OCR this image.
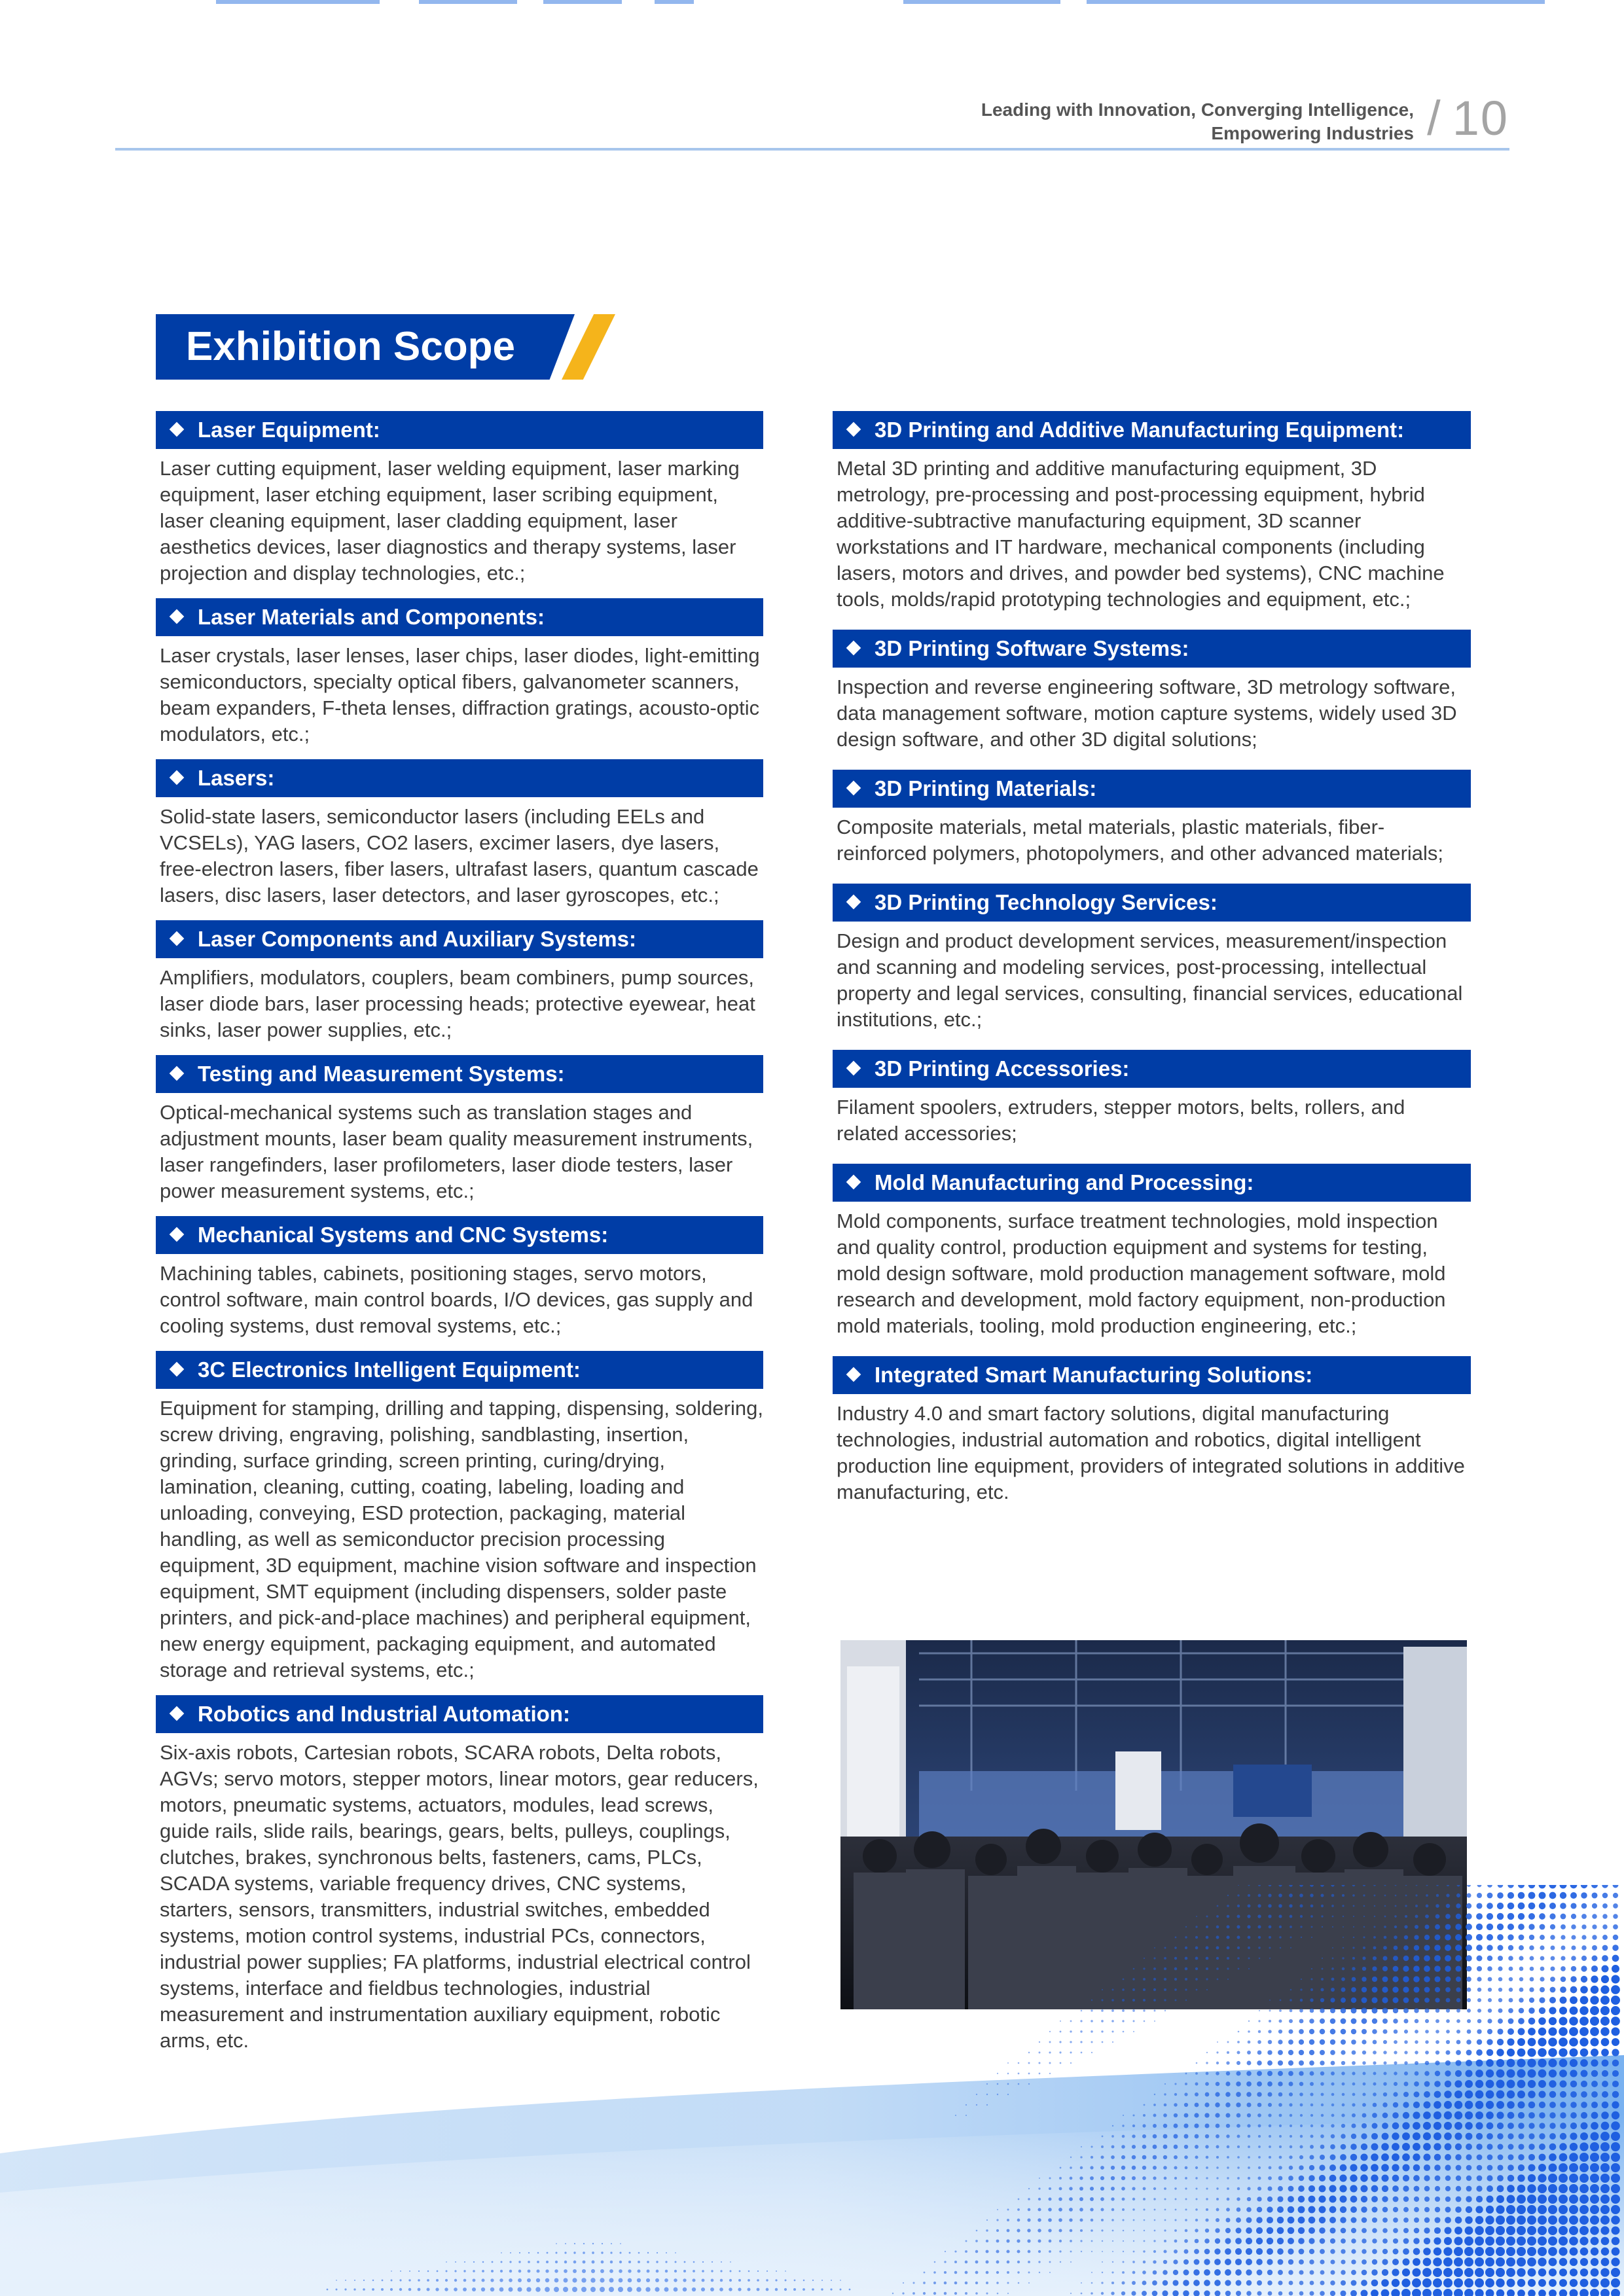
Leading with Innovation, Converging Intelligence,
Empowering Industries / 10
Exhibition Scope
Laser Equipment:
Laser cutting equipment, laser welding equipment, laser marking equipment, laser etching equipment, laser scribing equipment, laser cleaning equipment, laser cladding equipment, laser aesthetics devices, laser diagnostics and therapy systems, laser projection and display technologies, etc.;
Laser Materials and Components:
Laser crystals, laser lenses, laser chips, laser diodes, light-emitting semiconductors, specialty optical fibers, galvanometer scanners, beam expanders, F-theta lenses, diffraction gratings, acousto-optic modulators, etc.;
Lasers:
Solid-state lasers, semiconductor lasers (including EELs and VCSELs), YAG lasers, CO2 lasers, excimer lasers, dye lasers, free-electron lasers, fiber lasers, ultrafast lasers, quantum cascade lasers, disc lasers, laser detectors, and laser gyroscopes, etc.;
Laser Components and Auxiliary Systems:
Amplifiers, modulators, couplers, beam combiners, pump sources, laser diode bars, laser processing heads; protective eyewear, heat sinks, laser power supplies, etc.;
Testing and Measurement Systems:
Optical-mechanical systems such as translation stages and adjustment mounts, laser beam quality measurement instruments, laser rangefinders, laser profilometers, laser diode testers, laser power measurement systems, etc.;
Mechanical Systems and CNC Systems:
Machining tables, cabinets, positioning stages, servo motors, control software, main control boards, I/O devices, gas supply and cooling systems, dust removal systems, etc.;
3C Electronics Intelligent Equipment:
Equipment for stamping, drilling and tapping, dispensing, soldering, screw driving, engraving, polishing, sandblasting, insertion, grinding, surface grinding, screen printing, curing/drying, lamination, cleaning, cutting, coating, labeling, loading and unloading, conveying, ESD protection, packaging, material handling, as well as semiconductor precision processing equipment, 3D equipment, machine vision software and inspection equipment, SMT equipment (including dispensers, solder paste printers, and pick-and-place machines) and peripheral equipment, new energy equipment, packaging equipment, and automated storage and retrieval systems, etc.;
Robotics and Industrial Automation:
Six-axis robots, Cartesian robots, SCARA robots, Delta robots, AGVs; servo motors, stepper motors, linear motors, gear reducers, motors, pneumatic systems, actuators, modules, lead screws, guide rails, slide rails, bearings, gears, belts, pulleys, couplings, clutches, brakes, synchronous belts, fasteners, cams, PLCs, SCADA systems, variable frequency drives, CNC systems, starters, sensors, transmitters, industrial switches, embedded systems, motion control systems, industrial PCs, connectors, industrial power supplies; FA platforms, industrial electrical control systems, interface and fieldbus technologies, industrial measurement and instrumentation auxiliary equipment, robotic arms, etc.
3D Printing and Additive Manufacturing Equipment:
Metal 3D printing and additive manufacturing equipment, 3D metrology, pre-processing and post-processing equipment, hybrid additive-subtractive manufacturing equipment, 3D scanner workstations and IT hardware, mechanical components (including lasers, motors and drives, and powder bed systems), CNC machine tools, molds/rapid prototyping technologies and equipment, etc.;
3D Printing Software Systems:
Inspection and reverse engineering software, 3D metrology software, data management software, motion capture systems, widely used 3D design software, and other 3D digital solutions;
3D Printing Materials:
Composite materials, metal materials, plastic materials, fiber-reinforced polymers, photopolymers, and other advanced materials;
3D Printing Technology Services:
Design and product development services, measurement/inspection and scanning and modeling services, post-processing, intellectual property and legal services, consulting, financial services, educational institutions, etc.;
3D Printing Accessories:
Filament spoolers, extruders, stepper motors, belts, rollers, and related accessories;
Mold Manufacturing and Processing:
Mold components, surface treatment technologies, mold inspection and quality control, production equipment and systems for testing, mold design software, mold production management software, mold research and development, mold factory equipment, non-production mold materials, tooling, mold production engineering, etc.;
Integrated Smart Manufacturing Solutions:
Industry 4.0 and smart factory solutions, digital manufacturing technologies, industrial automation and robotics, digital intelligent production line equipment, providers of integrated solutions in additive manufacturing, etc.
